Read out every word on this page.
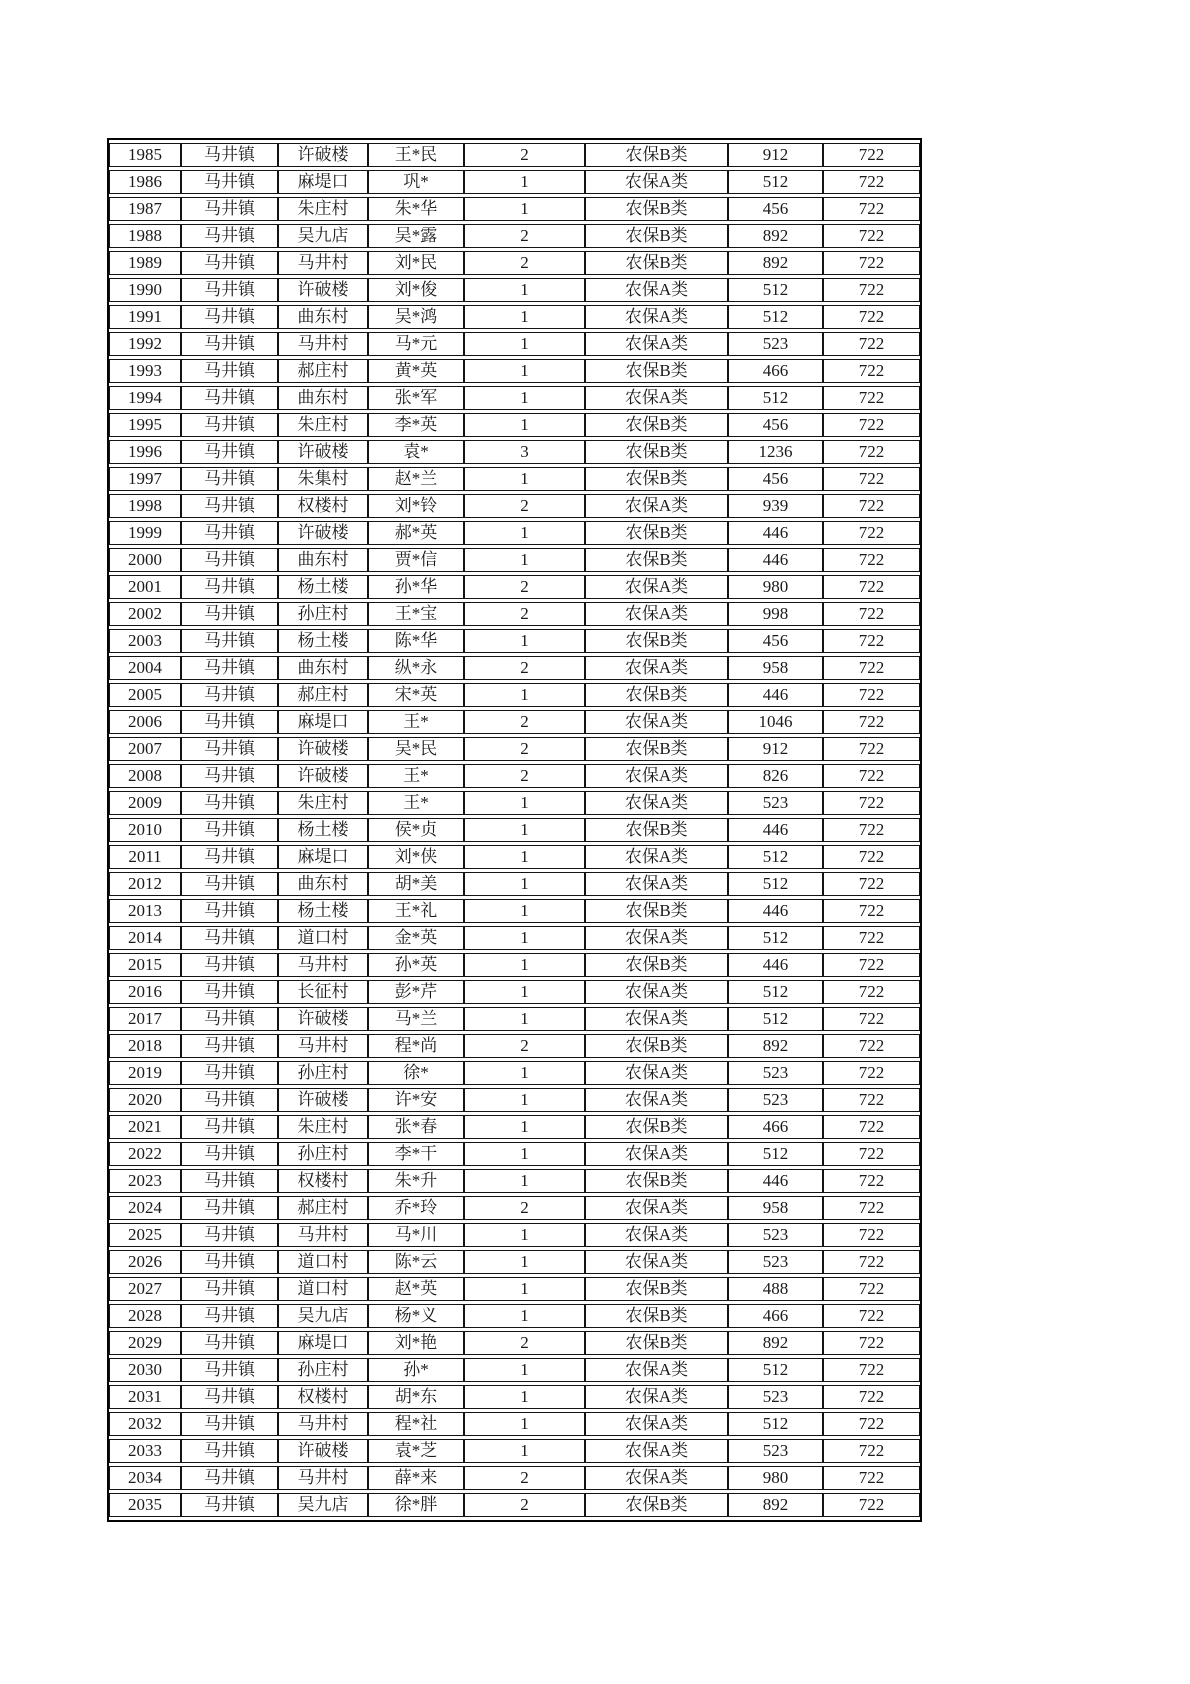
1985	马井镇	许破楼	王*民	2	农保B类	912	722
1986	马井镇	麻堤口	巩*	1	农保A类	512	722
1987	马井镇	朱庄村	朱*华	1	农保B类	456	722
1988	马井镇	吴九店	吴*露	2	农保B类	892	722
1989	马井镇	马井村	刘*民	2	农保B类	892	722
1990	马井镇	许破楼	刘*俊	1	农保A类	512	722
1991	马井镇	曲东村	吴*鸿	1	农保A类	512	722
1992	马井镇	马井村	马*元	1	农保A类	523	722
1993	马井镇	郝庄村	黄*英	1	农保B类	466	722
1994	马井镇	曲东村	张*军	1	农保A类	512	722
1995	马井镇	朱庄村	李*英	1	农保B类	456	722
1996	马井镇	许破楼	袁*	3	农保B类	1236	722
1997	马井镇	朱集村	赵*兰	1	农保B类	456	722
1998	马井镇	权楼村	刘*铃	2	农保A类	939	722
1999	马井镇	许破楼	郝*英	1	农保B类	446	722
2000	马井镇	曲东村	贾*信	1	农保B类	446	722
2001	马井镇	杨土楼	孙*华	2	农保A类	980	722
2002	马井镇	孙庄村	王*宝	2	农保A类	998	722
2003	马井镇	杨土楼	陈*华	1	农保B类	456	722
2004	马井镇	曲东村	纵*永	2	农保A类	958	722
2005	马井镇	郝庄村	宋*英	1	农保B类	446	722
2006	马井镇	麻堤口	王*	2	农保A类	1046	722
2007	马井镇	许破楼	吴*民	2	农保B类	912	722
2008	马井镇	许破楼	王*	2	农保A类	826	722
2009	马井镇	朱庄村	王*	1	农保A类	523	722
2010	马井镇	杨土楼	侯*贞	1	农保B类	446	722
2011	马井镇	麻堤口	刘*侠	1	农保A类	512	722
2012	马井镇	曲东村	胡*美	1	农保A类	512	722
2013	马井镇	杨土楼	王*礼	1	农保B类	446	722
2014	马井镇	道口村	金*英	1	农保A类	512	722
2015	马井镇	马井村	孙*英	1	农保B类	446	722
2016	马井镇	长征村	彭*芹	1	农保A类	512	722
2017	马井镇	许破楼	马*兰	1	农保A类	512	722
2018	马井镇	马井村	程*尚	2	农保B类	892	722
2019	马井镇	孙庄村	徐*	1	农保A类	523	722
2020	马井镇	许破楼	许*安	1	农保A类	523	722
2021	马井镇	朱庄村	张*春	1	农保B类	466	722
2022	马井镇	孙庄村	李*干	1	农保A类	512	722
2023	马井镇	权楼村	朱*升	1	农保B类	446	722
2024	马井镇	郝庄村	乔*玲	2	农保A类	958	722
2025	马井镇	马井村	马*川	1	农保A类	523	722
2026	马井镇	道口村	陈*云	1	农保A类	523	722
2027	马井镇	道口村	赵*英	1	农保B类	488	722
2028	马井镇	吴九店	杨*义	1	农保B类	466	722
2029	马井镇	麻堤口	刘*艳	2	农保B类	892	722
2030	马井镇	孙庄村	孙*	1	农保A类	512	722
2031	马井镇	权楼村	胡*东	1	农保A类	523	722
2032	马井镇	马井村	程*社	1	农保A类	512	722
2033	马井镇	许破楼	袁*芝	1	农保A类	523	722
2034	马井镇	马井村	薛*来	2	农保A类	980	722
2035	马井镇	吴九店	徐*胖	2	农保B类	892	722
